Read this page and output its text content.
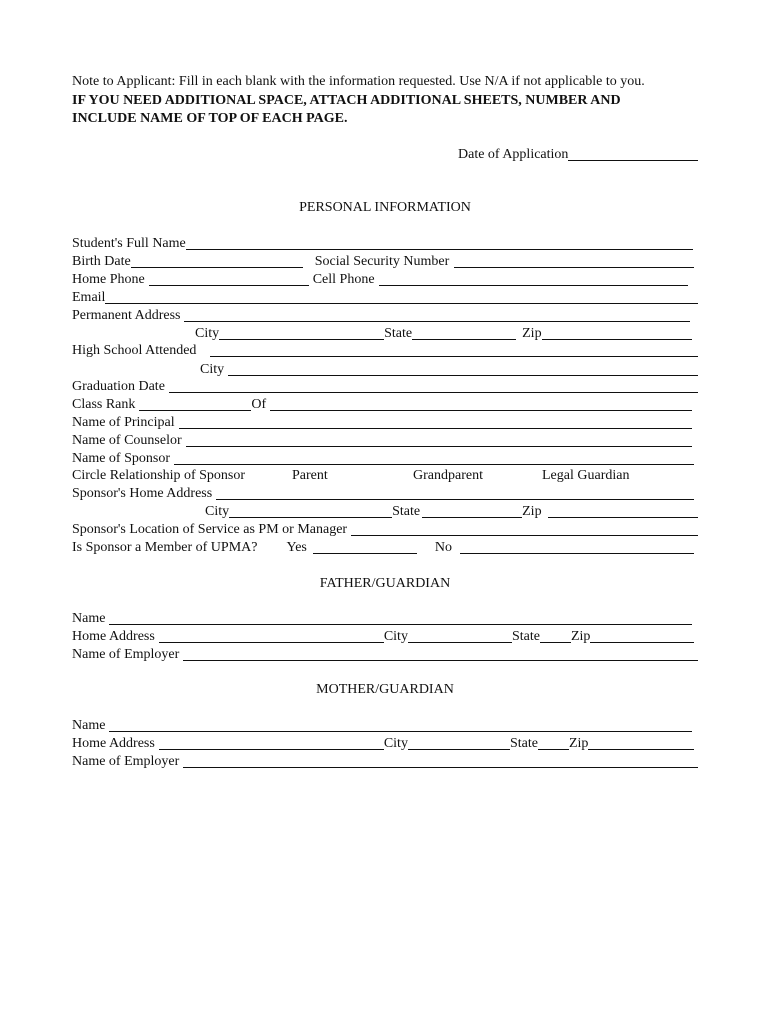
Note to Applicant: Fill in each blank with the information requested. Use N/A if not applicable to you.
IF YOU NEED ADDITIONAL SPACE, ATTACH ADDITIONAL SHEETS, NUMBER AND
INCLUDE NAME OF TOP OF EACH PAGE.
Date of Application
PERSONAL INFORMATION
Student's Full Name
Birth Date	Social Security Number
Home Phone	Cell Phone
Email
Permanent Address
City	State	Zip
High School Attended
City
Graduation Date
Class Rank	Of
Name of Principal
Name of Counselor
Name of Sponsor
Circle Relationship of Sponsor	Parent	Grandparent	Legal Guardian
Sponsor's Home Address
City	State	Zip
Sponsor's Location of Service as PM or Manager
Is Sponsor a Member of UPMA? Yes	No
FATHER/GUARDIAN
Name
Home Address	City	State Zip
Name of Employer
MOTHER/GUARDIAN
Name
Home Address	City	State Zip
Name of Employer
